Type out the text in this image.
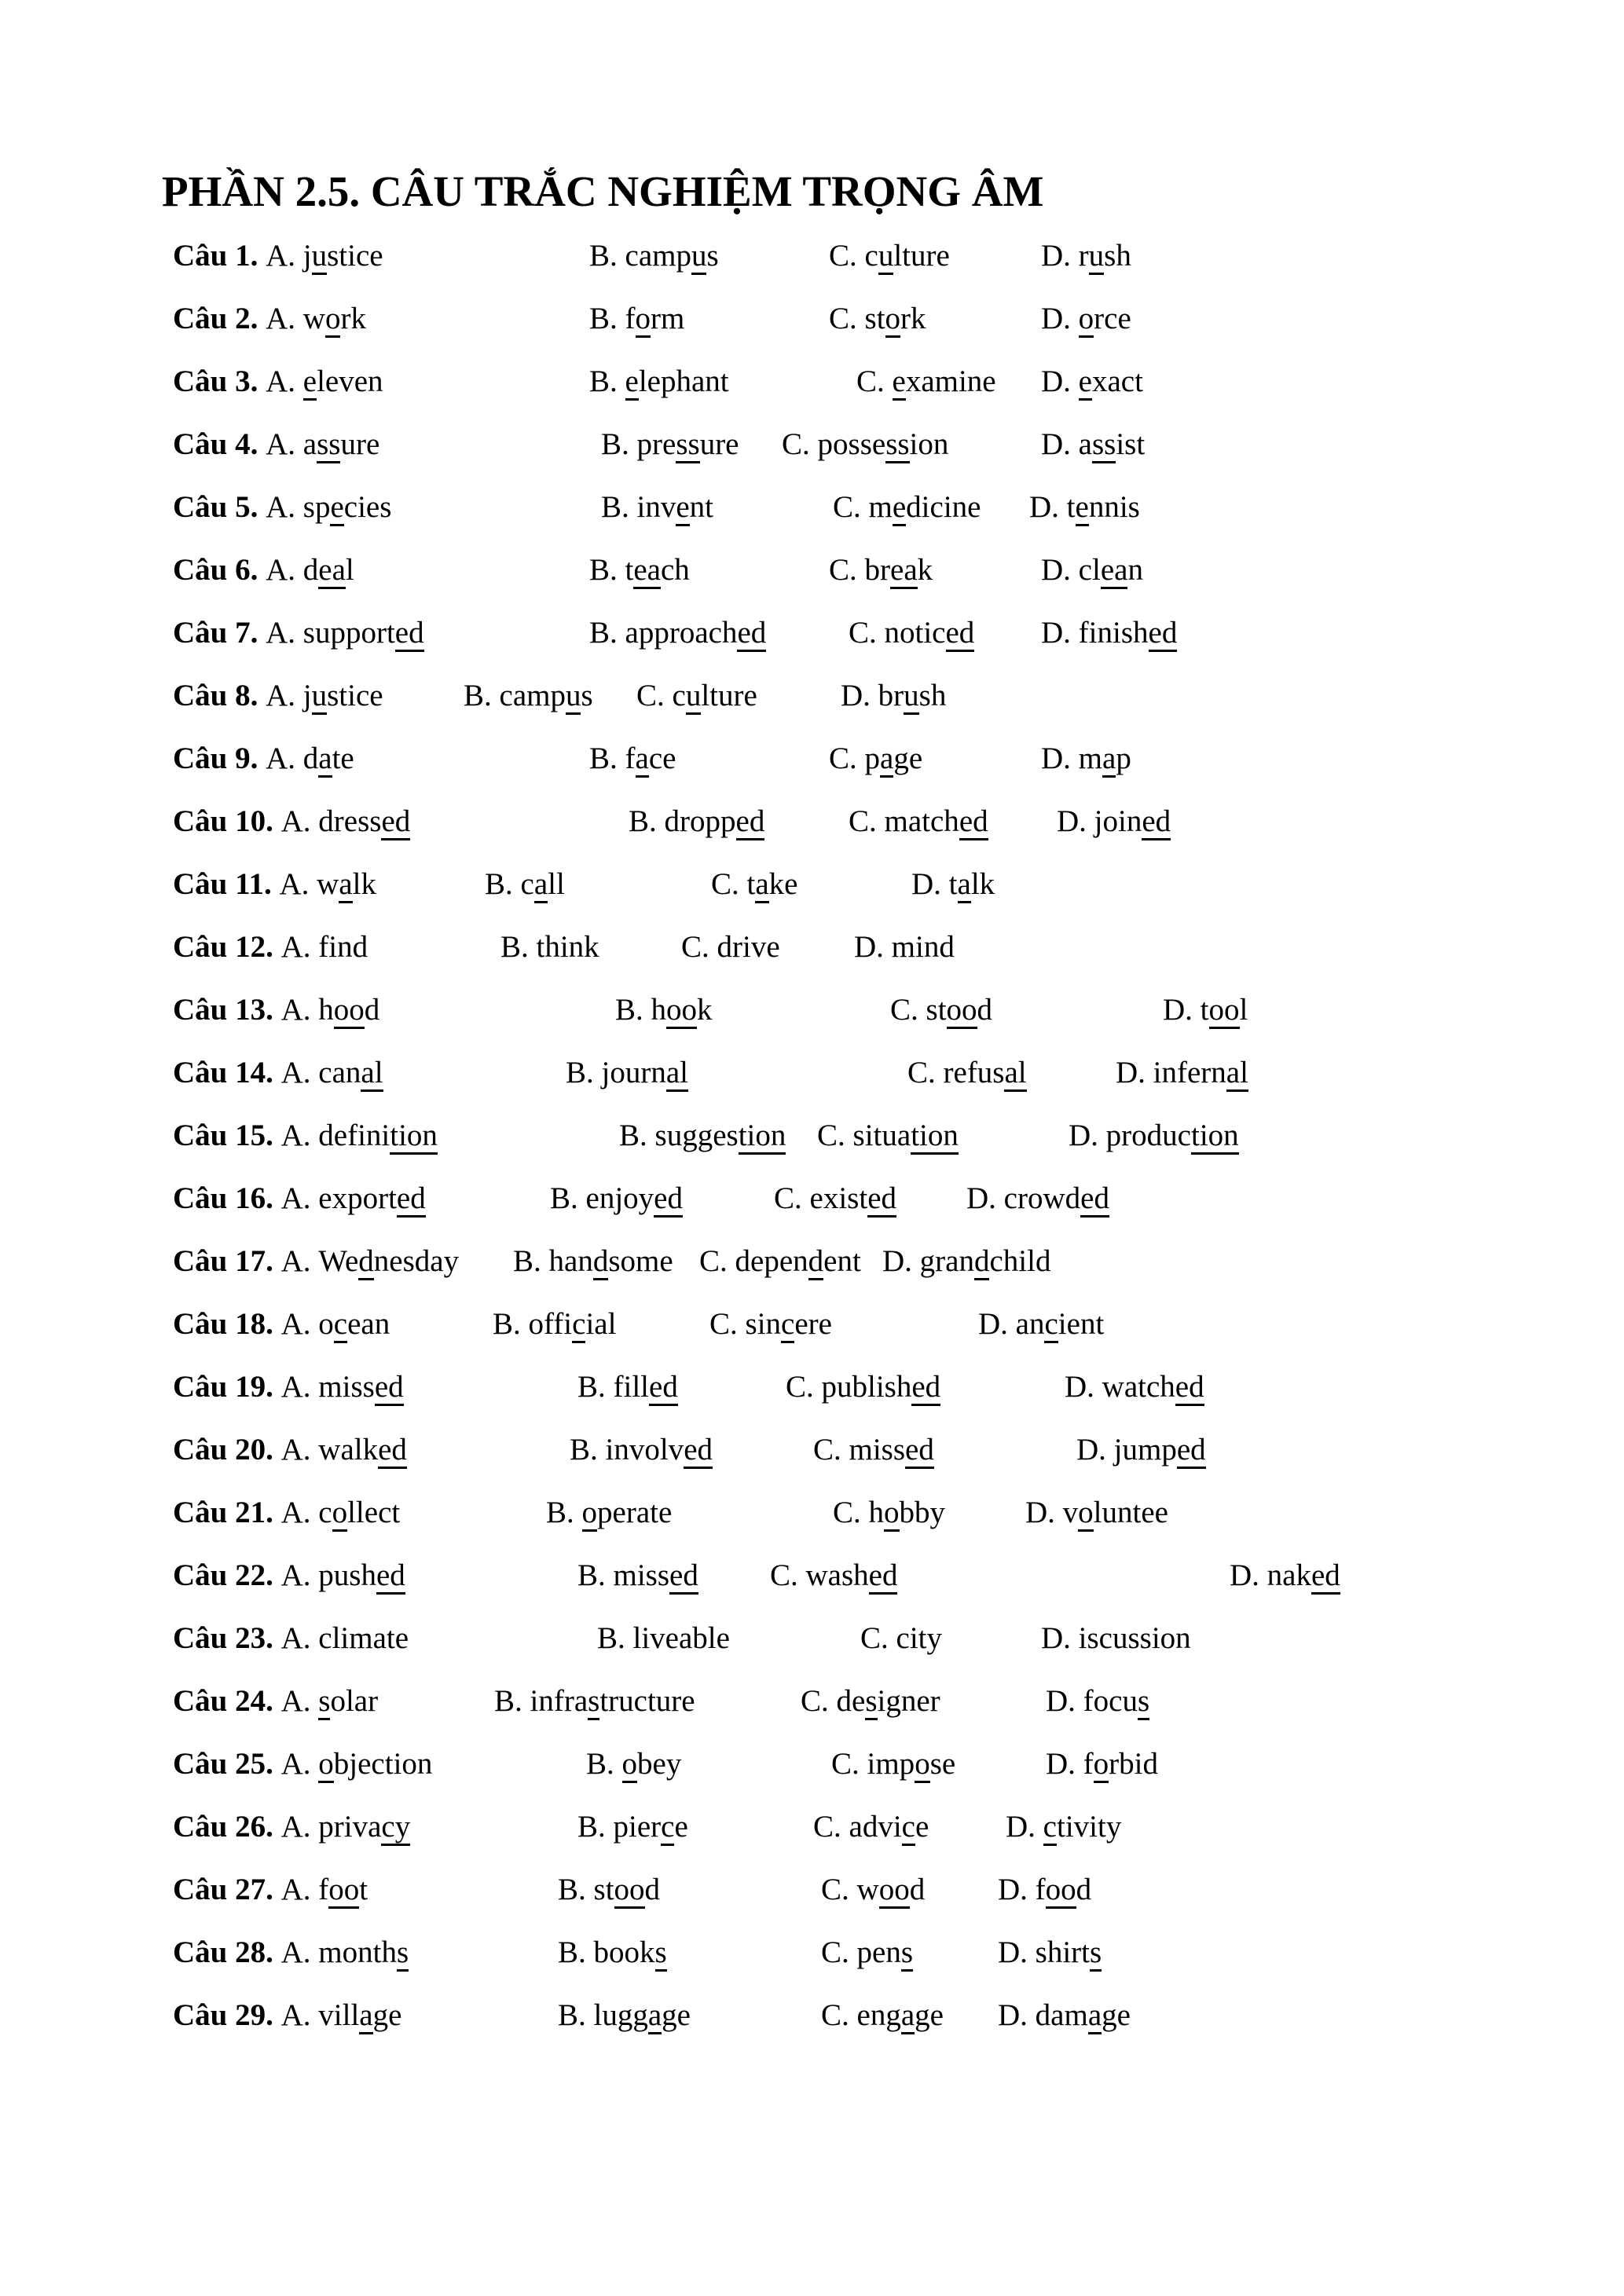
PHẦN 2.5. CÂU TRẮC NGHIỆM TRỌNG ÂM
Câu 1. A. justice	B. campus	C. culture	D. rush
Câu 2. A. work	B. form	C. stork	D. orce
Câu 3. A. eleven	B. elephant	C. examine D. exact
Câu 4. A. assure	B. pressure C. possession	D. assist
Câu 5. A. species	B. invent	C. medicine D. tennis
Câu 6. A. deal	B. teach	C. break	D. clean
Câu 7. A. supported	B. approached	C. noticed D. finished
Câu 8. A. justice	B. campus C. culture	D. brush
Câu 9. A. date	B. face	C. page	D. map
Câu 10. A. dressed	B. dropped	C. matched D. joined
Câu 11. A. walk	B. call	C. take	D. talk
Câu 12. A. find	B. think	C. drive D. mind
Câu 13. A. hood	B. hook	C. stood	D. tool
Câu 14. A. canal	B. journal	C. refusal	D. infernal
Câu 15. A. definition	B. suggestion C. situation	D. production
Câu 16. A. exported	B. enjoyed	C. existed D. crowded
Câu 17. A. Wednesday B. handsome C. dependent D. grandchild
Câu 18. A. ocean	B. official	C. sincere	D. ancient
Câu 19. A. missed	B. filled	C. published	D. watched
Câu 20. A. walked	B. involved	C. missed	D. jumped
Câu 21. A. collect	B. operate	C. hobby	D. voluntee
Câu 22. A. pushed	B. missed C. washed	D. naked
Câu 23. A. climate	B. liveable	C. city	D. iscussion
Câu 24. A. solar	B. infrastructure	C. designer	D. focus
Câu 25. A. objection	B. obey	C. impose	D. forbid
Câu 26. A. privacy	B. pierce	C. advice	D. ctivity
Câu 27. A. foot	B. stood	C. wood D. food
Câu 28. A. months	B. books	C. pens	D. shirts
Câu 29. A. village	B. luggage	C. engage D. damage
